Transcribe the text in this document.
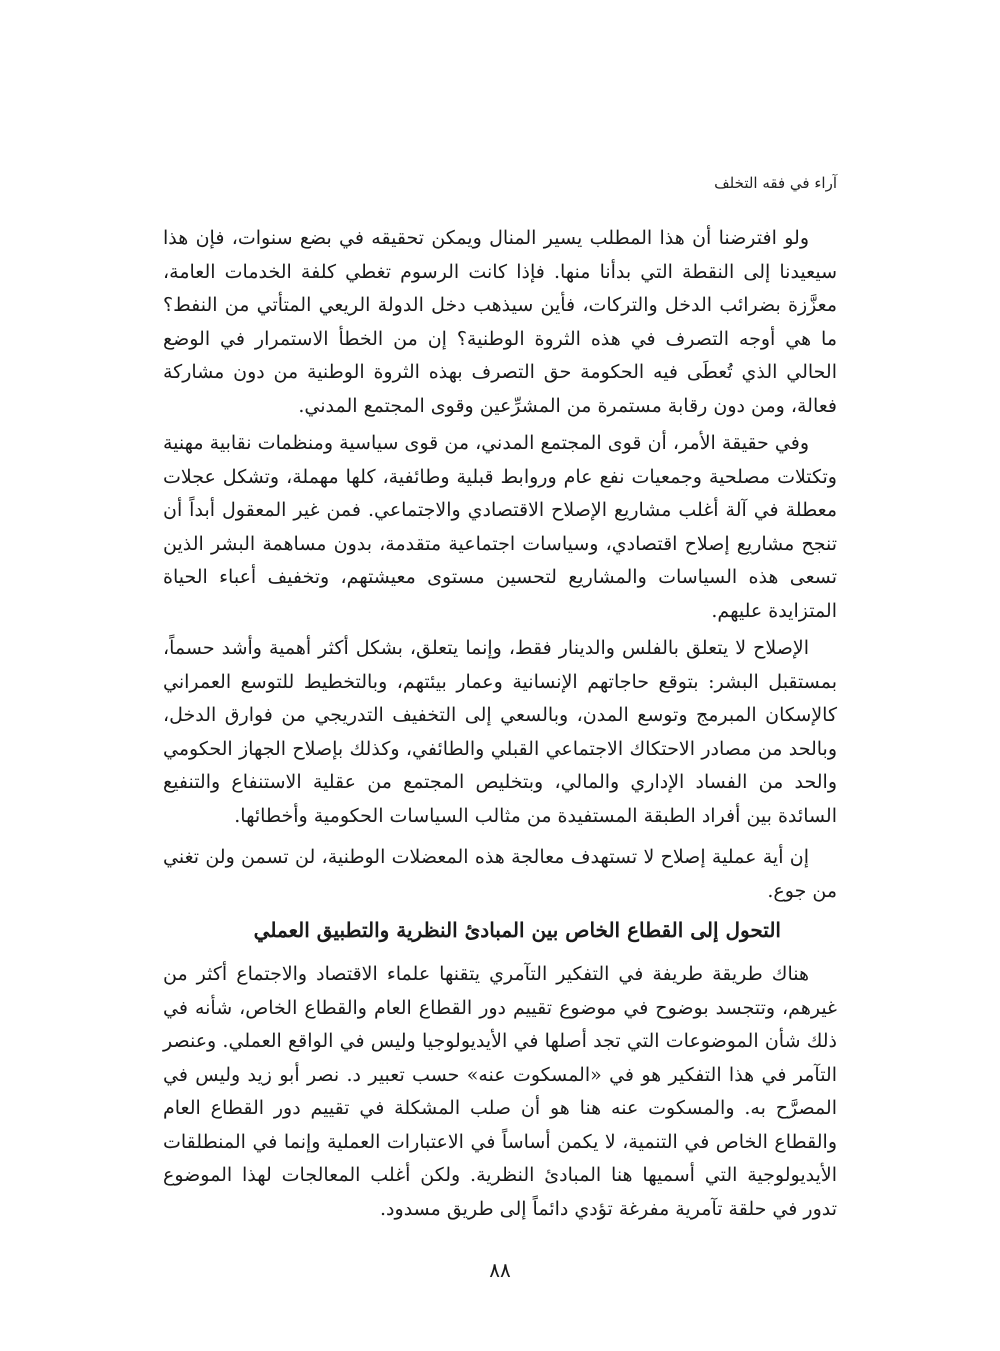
آراء في فقه التخلف

ولو افترضنا أن هذا المطلب يسير المنال ويمكن تحقيقه في بضع سنوات، فإن هذا سيعيدنا إلى النقطة التي بدأنا منها. فإذا كانت الرسوم تغطي كلفة الخدمات العامة، معزَّزة بضرائب الدخل والتركات، فأين سيذهب دخل الدولة الريعي المتأتي من النفط؟ ما هي أوجه التصرف في هذه الثروة الوطنية؟ إن من الخطأ الاستمرار في الوضع الحالي الذي تُعطَى فيه الحكومة حق التصرف بهذه الثروة الوطنية من دون مشاركة فعالة، ومن دون رقابة مستمرة من المشرِّعين وقوى المجتمع المدني.

وفي حقيقة الأمر، أن قوى المجتمع المدني، من قوى سياسية ومنظمات نقابية مهنية وتكتلات مصلحية وجمعيات نفع عام وروابط قبلية وطائفية، كلها مهملة، وتشكل عجلات معطلة في آلة أغلب مشاريع الإصلاح الاقتصادي والاجتماعي. فمن غير المعقول أبداً أن تنجح مشاريع إصلاح اقتصادي، وسياسات اجتماعية متقدمة، بدون مساهمة البشر الذين تسعى هذه السياسات والمشاريع لتحسين مستوى معيشتهم، وتخفيف أعباء الحياة المتزايدة عليهم.

الإصلاح لا يتعلق بالفلس والدينار فقط، وإنما يتعلق، بشكل أكثر أهمية وأشد حسماً، بمستقبل البشر: بتوقع حاجاتهم الإنسانية وعمار بيئتهم، وبالتخطيط للتوسع العمراني كالإسكان المبرمج وتوسع المدن، وبالسعي إلى التخفيف التدريجي من فوارق الدخل، وبالحد من مصادر الاحتكاك الاجتماعي القبلي والطائفي، وكذلك بإصلاح الجهاز الحكومي والحد من الفساد الإداري والمالي، وبتخليص المجتمع من عقلية الاستنفاع والتنفيع السائدة بين أفراد الطبقة المستفيدة من مثالب السياسات الحكومية وأخطائها.

إن أية عملية إصلاح لا تستهدف معالجة هذه المعضلات الوطنية، لن تسمن ولن تغني من جوع.

التحول إلى القطاع الخاص بين المبادئ النظرية والتطبيق العملي

هناك طريقة طريفة في التفكير التآمري يتقنها علماء الاقتصاد والاجتماع أكثر من غيرهم، وتتجسد بوضوح في موضوع تقييم دور القطاع العام والقطاع الخاص، شأنه في ذلك شأن الموضوعات التي تجد أصلها في الأيديولوجيا وليس في الواقع العملي. وعنصر التآمر في هذا التفكير هو في «المسكوت عنه» حسب تعبير د. نصر أبو زيد وليس في المصرَّح به. والمسكوت عنه هنا هو أن صلب المشكلة في تقييم دور القطاع العام والقطاع الخاص في التنمية، لا يكمن أساساً في الاعتبارات العملية وإنما في المنطلقات الأيديولوجية التي أسميها هنا المبادئ النظرية. ولكن أغلب المعالجات لهذا الموضوع تدور في حلقة تآمرية مفرغة تؤدي دائماً إلى طريق مسدود.

٨٨
